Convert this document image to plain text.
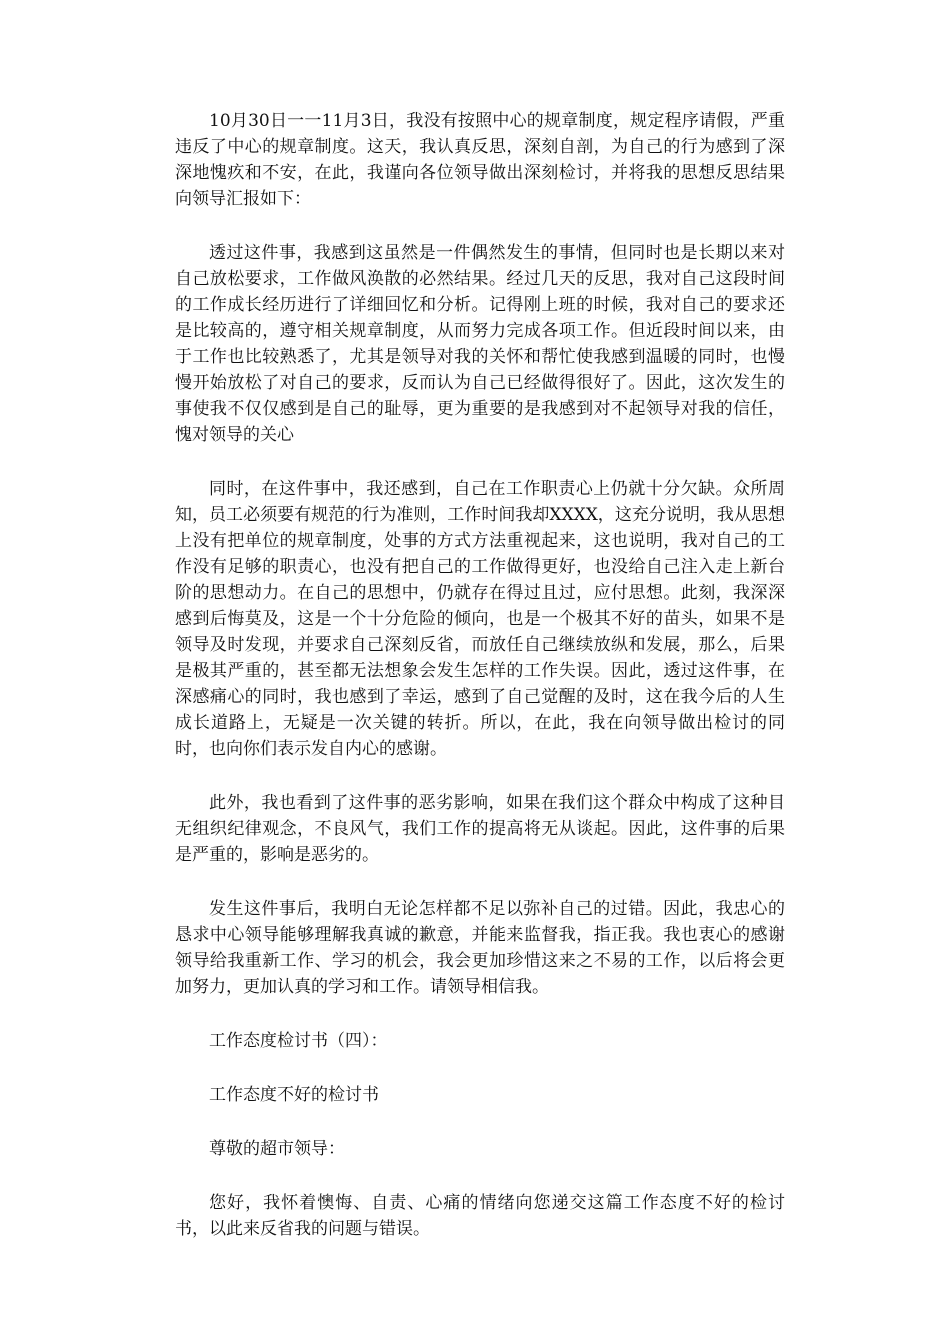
10月30日一一11月3日，我没有按照中心的规章制度，规定程序请假，严重违反了中心的规章制度。这天，我认真反思，深刻自剖，为自己的行为感到了深深地愧疚和不安，在此，我谨向各位领导做出深刻检讨，并将我的思想反思结果向领导汇报如下：

透过这件事，我感到这虽然是一件偶然发生的事情，但同时也是长期以来对自己放松要求，工作做风涣散的必然结果。经过几天的反思，我对自己这段时间的工作成长经历进行了详细回忆和分析。记得刚上班的时候，我对自己的要求还是比较高的，遵守相关规章制度，从而努力完成各项工作。但近段时间以来，由于工作也比较熟悉了，尤其是领导对我的关怀和帮忙使我感到温暖的同时，也慢慢开始放松了对自己的要求，反而认为自己已经做得很好了。因此，这次发生的事使我不仅仅感到是自己的耻辱，更为重要的是我感到对不起领导对我的信任，愧对领导的关心

同时，在这件事中，我还感到，自己在工作职责心上仍就十分欠缺。众所周知，员工必须要有规范的行为准则，工作时间我却XXXX，这充分说明，我从思想上没有把单位的规章制度，处事的方式方法重视起来，这也说明，我对自己的工作没有足够的职责心，也没有把自己的工作做得更好，也没给自己注入走上新台阶的思想动力。在自己的思想中，仍就存在得过且过，应付思想。此刻，我深深感到后悔莫及，这是一个十分危险的倾向，也是一个极其不好的苗头，如果不是领导及时发现，并要求自己深刻反省，而放任自己继续放纵和发展，那么，后果是极其严重的，甚至都无法想象会发生怎样的工作失误。因此，透过这件事，在深感痛心的同时，我也感到了幸运，感到了自己觉醒的及时，这在我今后的人生成长道路上，无疑是一次关键的转折。所以，在此，我在向领导做出检讨的同时，也向你们表示发自内心的感谢。

此外，我也看到了这件事的恶劣影响，如果在我们这个群众中构成了这种目无组织纪律观念，不良风气，我们工作的提高将无从谈起。因此，这件事的后果是严重的，影响是恶劣的。

发生这件事后，我明白无论怎样都不足以弥补自己的过错。因此，我忠心的恳求中心领导能够理解我真诚的歉意，并能来监督我，指正我。我也衷心的感谢领导给我重新工作、学习的机会，我会更加珍惜这来之不易的工作，以后将会更加努力，更加认真的学习和工作。请领导相信我。

工作态度检讨书（四）：

工作态度不好的检讨书

尊敬的超市领导：

您好，我怀着懊悔、自责、心痛的情绪向您递交这篇工作态度不好的检讨书，以此来反省我的问题与错误。
